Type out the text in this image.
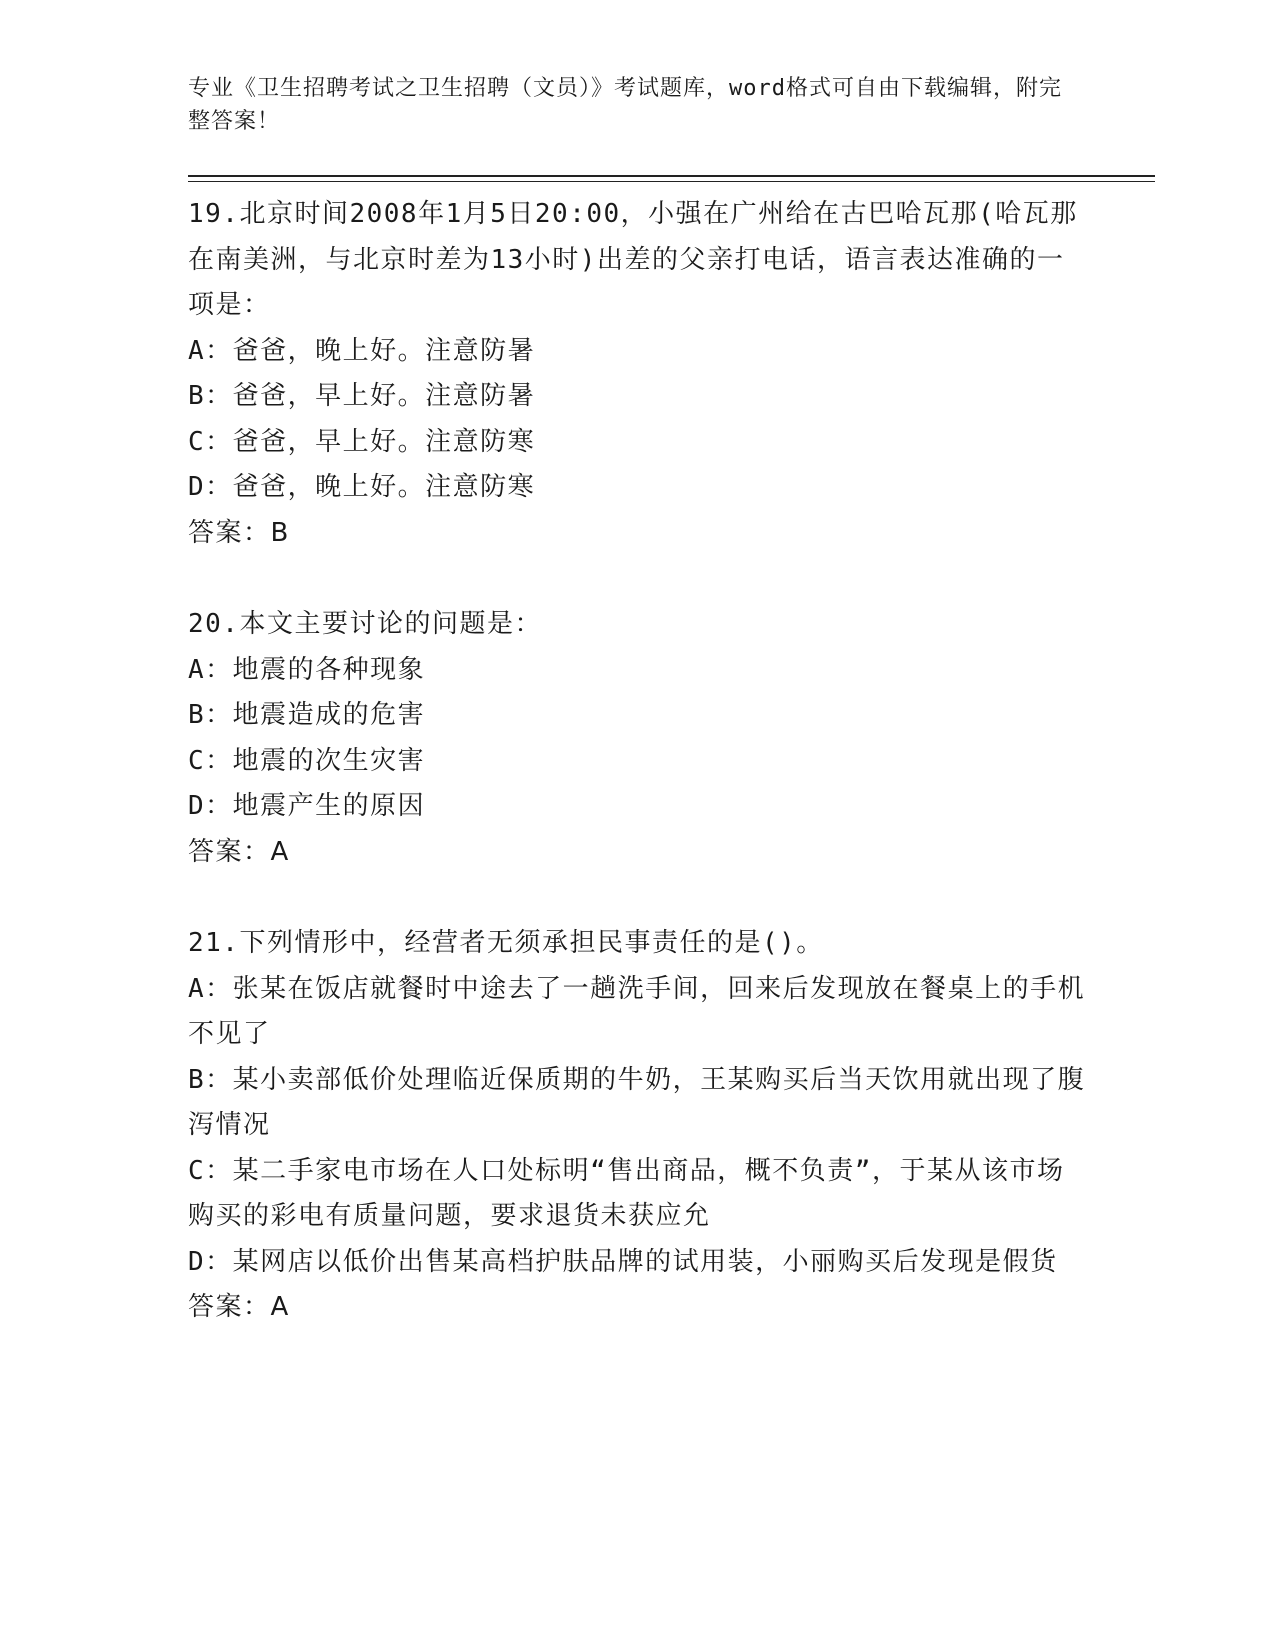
专业《卫生招聘考试之卫生招聘（文员）》考试题库，word格式可自由下载编辑，附完整答案！

19.北京时间2008年1月5日20:00，小强在广州给在古巴哈瓦那(哈瓦那在南美洲，与北京时差为13小时)出差的父亲打电话，语言表达准确的一项是：

A：爸爸，晚上好。注意防暑

B：爸爸，早上好。注意防暑

C：爸爸，早上好。注意防寒

D：爸爸，晚上好。注意防寒

答案：B

20.本文主要讨论的问题是：

A：地震的各种现象

B：地震造成的危害

C：地震的次生灾害

D：地震产生的原因

答案：A

21.下列情形中，经营者无须承担民事责任的是()。

A：张某在饭店就餐时中途去了一趟洗手间，回来后发现放在餐桌上的手机不见了

B：某小卖部低价处理临近保质期的牛奶，王某购买后当天饮用就出现了腹泻情况

C：某二手家电市场在人口处标明“售出商品，概不负责”，于某从该市场购买的彩电有质量问题，要求退货未获应允

D：某网店以低价出售某高档护肤品牌的试用装，小丽购买后发现是假货

答案：A
